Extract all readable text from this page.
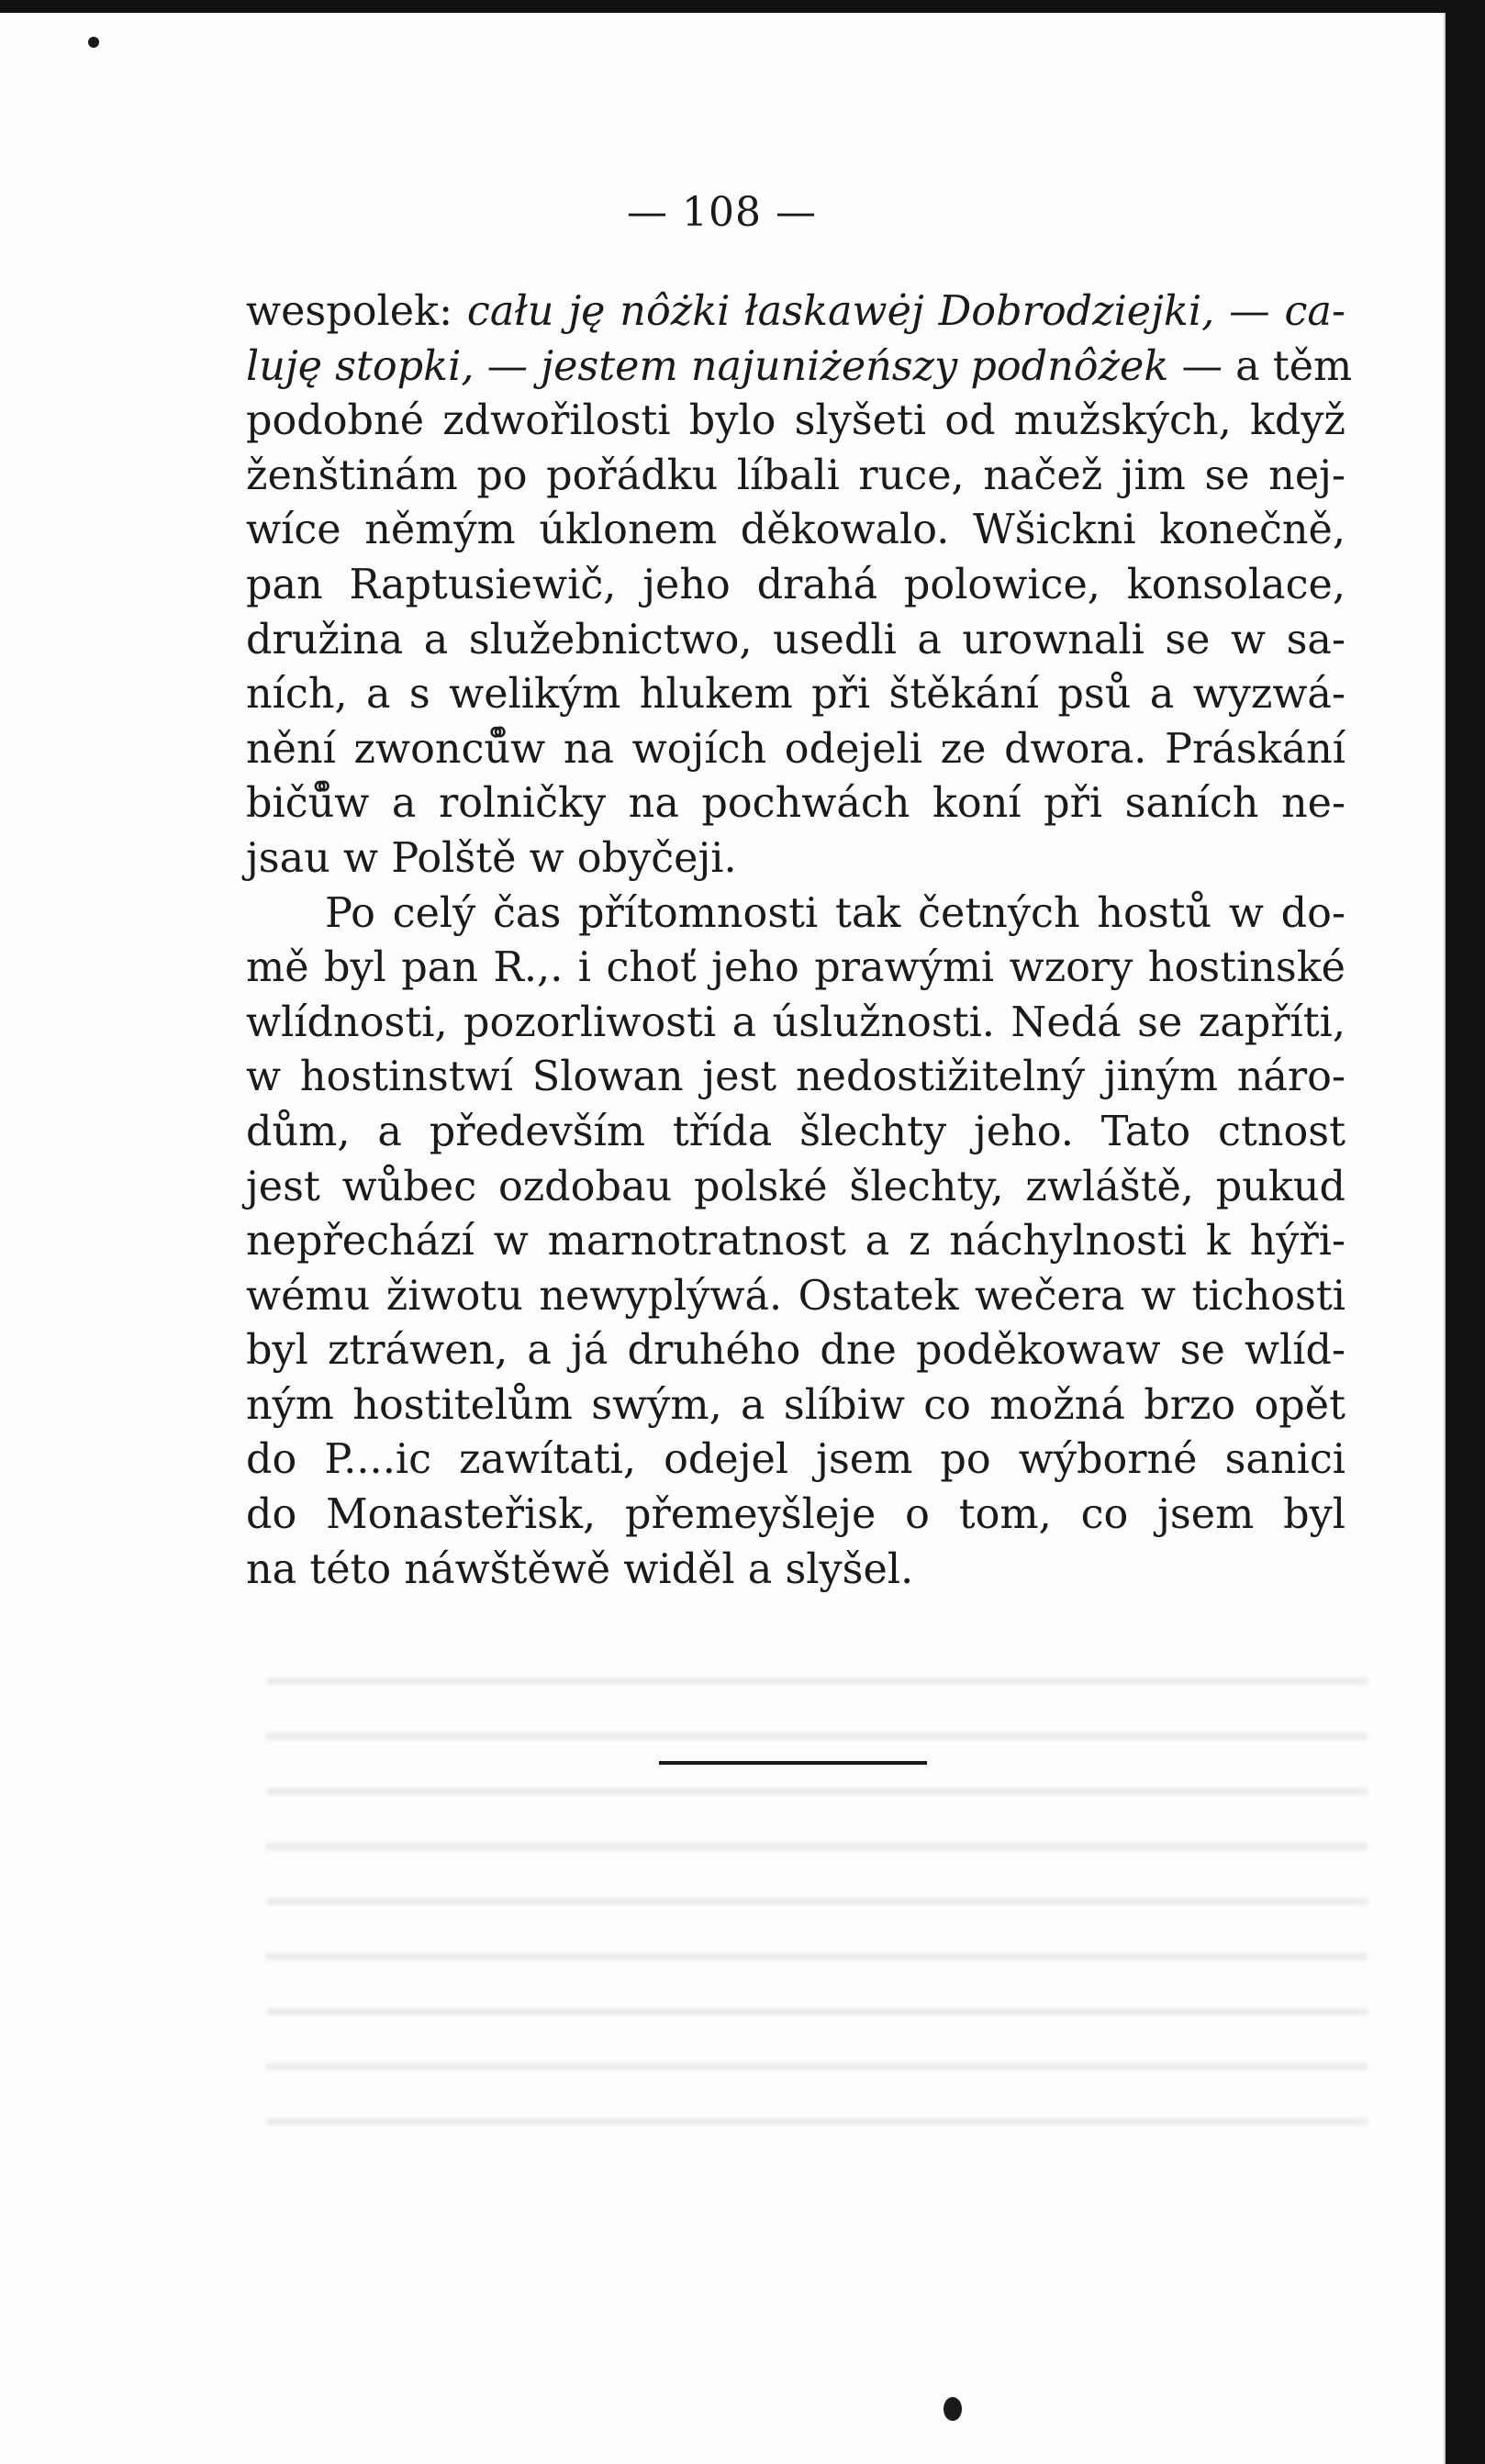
— 108 —
wespolek: cału ję nôżki łaskawėj Dobrodziejki, — ca-
luję stopki, — jestem najuniżeńszy podnôżek — a těm
podobné zdwořilosti bylo slyšeti od mužských, když
ženštinám po pořádku líbali ruce, načež jim se nej-
wíce němým úklonem děkowalo. Wšickni konečně,
pan Raptusiewič, jeho drahá polowice, konsolace,
družina a služebnictwo, usedli a urownali se w sa-
ních, a s welikým hlukem při štěkání psů a wyzwá-
nění zwonců̊w na wojích odejeli ze dwora. Práskání
bičů̊w a rolničky na pochwách koní při saních ne-
jsau w Polště w obyčeji.
Po celý čas přítomnosti tak četných hostů w do-
mě byl pan R.,. i choť jeho prawými wzory hostinské
wlídnosti, pozorliwosti a úslužnosti. Nedá se zapříti,
w hostinstwí Slowan jest nedostižitelný jiným náro-
dům, a především třída šlechty jeho. Tato ctnost
jest wůbec ozdobau polské šlechty, zwláště, pukud
nepřechází w marnotratnost a z náchylnosti k hýři-
wému žiwotu newyplýwá. Ostatek wečera w tichosti
byl ztráwen, a já druhého dne poděkowaw se wlíd-
ným hostitelům swým, a slíbiw co možná brzo opět
do P....ic zawítati, odejel jsem po wýborné sanici
do Monasteřisk, přemeyšleje o tom, co jsem byl
na této náwštěwě widěl a slyšel.
